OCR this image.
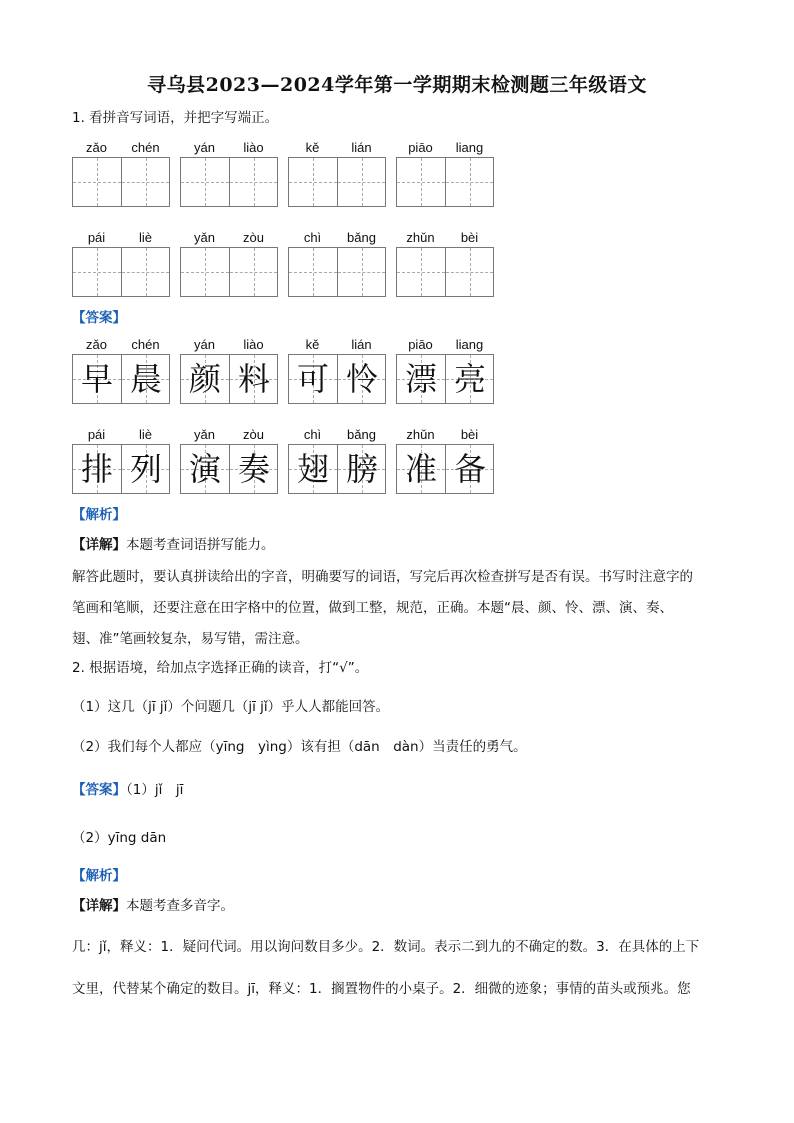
寻乌县2023—2024学年第一学期期末检测题三年级语文
1. 看拼音写词语，并把字写端正。
zǎo	chén	yán	liào	kě	lián	piāo	liang
pái	liè	yǎn	zòu	chì	bǎng	zhǔn	bèi
【答案】
zǎo	chén	yán	liào	kě	lián	piāo	liang
早 晨 颜 料 可 怜 漂 亮
pái	liè	yǎn	zòu	chì	bǎng	zhǔn	bèi
排 列 演 奏 翅 膀 准 备
【解析】
【详解】本题考查词语拼写能力。
解答此题时，要认真拼读给出的字音，明确要写的词语，写完后再次检查拼写是否有误。书写时注意字的
笔画和笔顺，还要注意在田字格中的位置，做到工整，规范，正确。本题“晨、颜、怜、漂、演、奏、
翅、准”笔画较复杂，易写错，需注意。
2. 根据语境，给加点字选择正确的读音，打“√”。
（1）这几（jī jǐ）个问题几（jī jǐ）乎人人都能回答。
（2）我们每个人都应（yīng　yìng）该有担（dān　dàn）当责任的勇气。
【答案】（1）jǐ　jī
（2）yīng dān
【解析】
【详解】本题考查多音字。
几：jǐ，释义：1．疑问代词。用以询问数目多少。2．数词。表示二到九的不确定的数。3．在具体的上下
文里，代替某个确定的数目。jī，释义：1．搁置物件的小桌子。2．细微的迹象；事情的苗头或预兆。您
